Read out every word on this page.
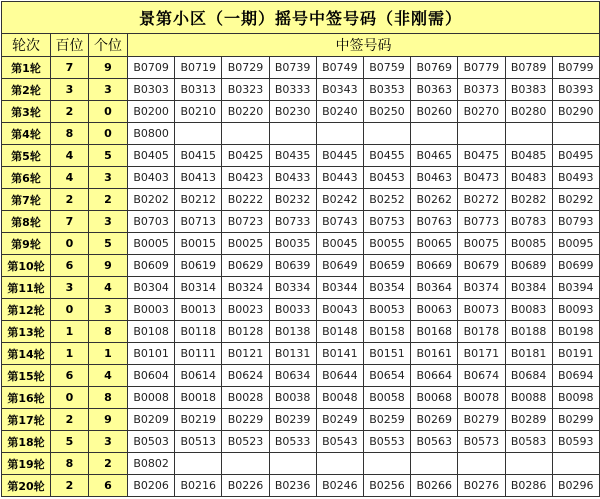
景第小区（一期）摇号中签号码（非刚需）												
轮次	百位	个位	中签号码									
第1轮	7	9	B0709	B0719	B0729	B0739	B0749	B0759	B0769	B0779	B0789	B0799
第2轮	3	3	B0303	B0313	B0323	B0333	B0343	B0353	B0363	B0373	B0383	B0393
第3轮	2	0	B0200	B0210	B0220	B0230	B0240	B0250	B0260	B0270	B0280	B0290
第4轮	8	0	B0800									
第5轮	4	5	B0405	B0415	B0425	B0435	B0445	B0455	B0465	B0475	B0485	B0495
第6轮	4	3	B0403	B0413	B0423	B0433	B0443	B0453	B0463	B0473	B0483	B0493
第7轮	2	2	B0202	B0212	B0222	B0232	B0242	B0252	B0262	B0272	B0282	B0292
第8轮	7	3	B0703	B0713	B0723	B0733	B0743	B0753	B0763	B0773	B0783	B0793
第9轮	0	5	B0005	B0015	B0025	B0035	B0045	B0055	B0065	B0075	B0085	B0095
第10轮	6	9	B0609	B0619	B0629	B0639	B0649	B0659	B0669	B0679	B0689	B0699
第11轮	3	4	B0304	B0314	B0324	B0334	B0344	B0354	B0364	B0374	B0384	B0394
第12轮	0	3	B0003	B0013	B0023	B0033	B0043	B0053	B0063	B0073	B0083	B0093
第13轮	1	8	B0108	B0118	B0128	B0138	B0148	B0158	B0168	B0178	B0188	B0198
第14轮	1	1	B0101	B0111	B0121	B0131	B0141	B0151	B0161	B0171	B0181	B0191
第15轮	6	4	B0604	B0614	B0624	B0634	B0644	B0654	B0664	B0674	B0684	B0694
第16轮	0	8	B0008	B0018	B0028	B0038	B0048	B0058	B0068	B0078	B0088	B0098
第17轮	2	9	B0209	B0219	B0229	B0239	B0249	B0259	B0269	B0279	B0289	B0299
第18轮	5	3	B0503	B0513	B0523	B0533	B0543	B0553	B0563	B0573	B0583	B0593
第19轮	8	2	B0802									
第20轮	2	6	B0206	B0216	B0226	B0236	B0246	B0256	B0266	B0276	B0286	B0296
